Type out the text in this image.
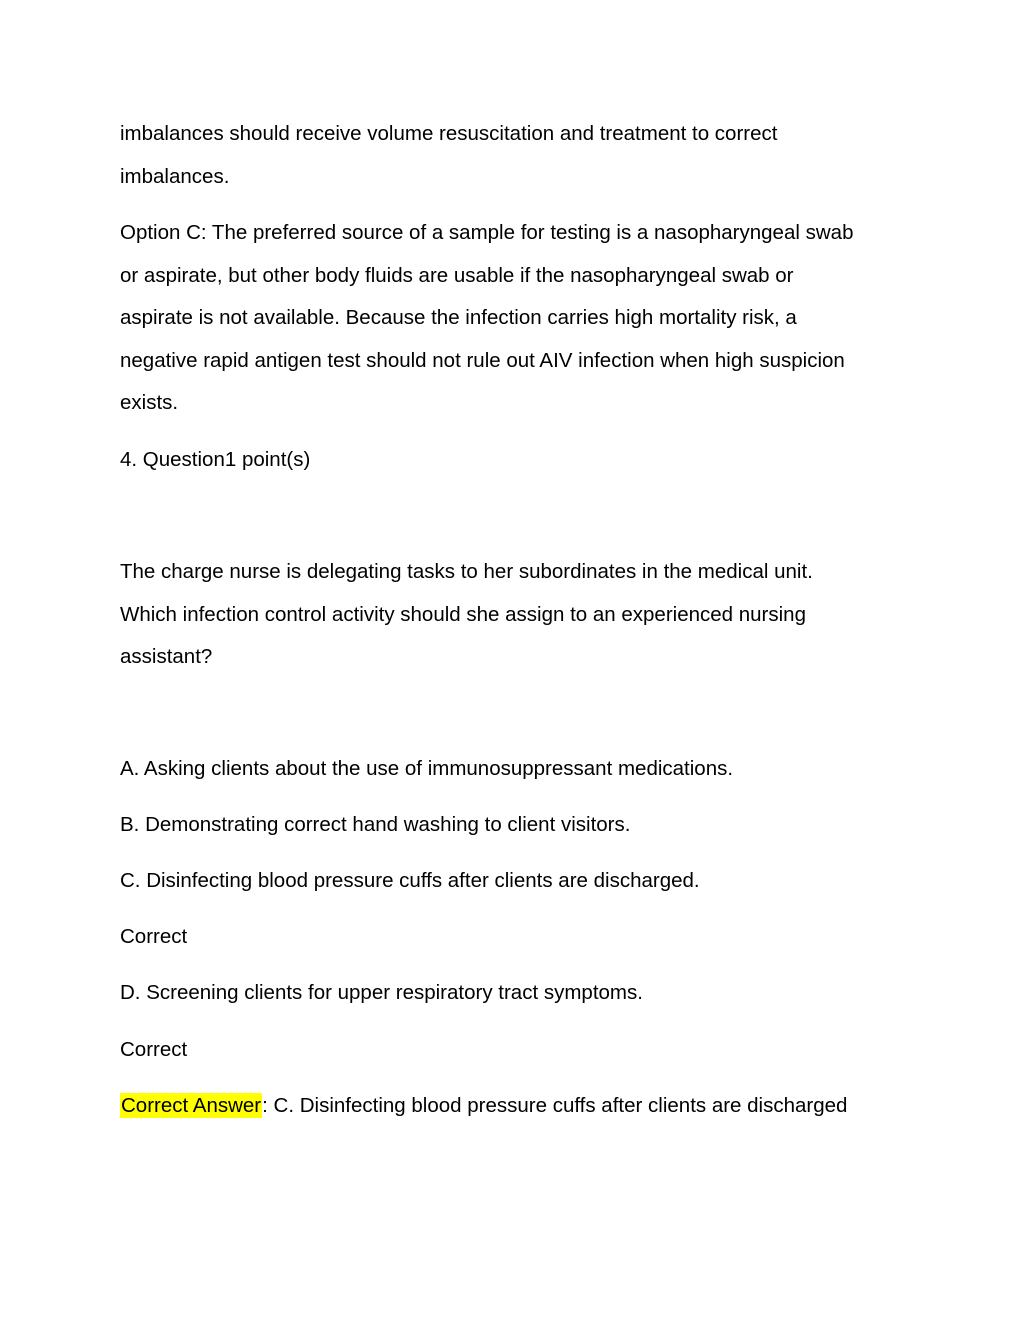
imbalances should receive volume resuscitation and treatment to correct
imbalances.
Option C: The preferred source of a sample for testing is a nasopharyngeal swab
or aspirate, but other body fluids are usable if the nasopharyngeal swab or
aspirate is not available. Because the infection carries high mortality risk, a
negative rapid antigen test should not rule out AIV infection when high suspicion
exists.
4. Question1 point(s)
The charge nurse is delegating tasks to her subordinates in the medical unit.
Which infection control activity should she assign to an experienced nursing
assistant?
A. Asking clients about the use of immunosuppressant medications.
B. Demonstrating correct hand washing to client visitors.
C. Disinfecting blood pressure cuffs after clients are discharged.
Correct
D. Screening clients for upper respiratory tract symptoms.
Correct
Correct Answer: C. Disinfecting blood pressure cuffs after clients are discharged
